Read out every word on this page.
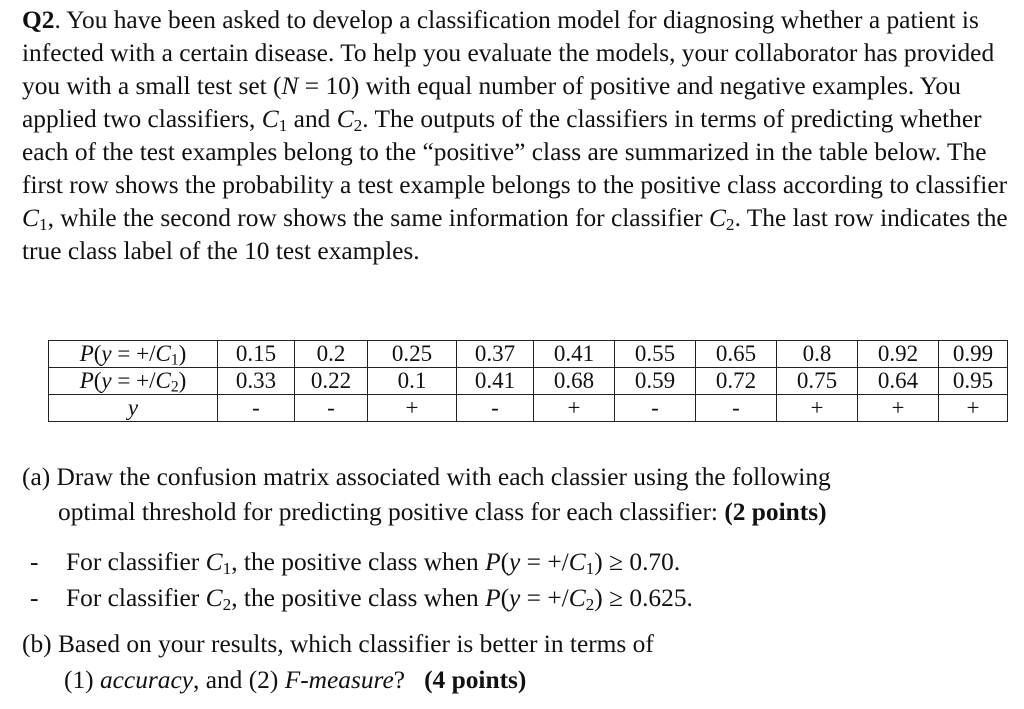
Q2. You have been asked to develop a classification model for diagnosing whether a patient is infected with a certain disease. To help you evaluate the models, your collaborator has provided you with a small test set (N = 10) with equal number of positive and negative examples. You applied two classifiers, $C_1$ and $C_2$. The outputs of the classifiers in terms of predicting whether each of the test examples belong to the “positive” class are summarized in the table below. The first row shows the probability a test example belongs to the positive class according to classifier $C_1$, while the second row shows the same information for classifier $C_2$. The last row indicates the true class label of the 10 test examples.

$P(y = +/C_1)$	0.15	0.2	0.25	0.37	0.41	0.55	0.65	0.8	0.92	0.99
$P(y = +/C_2)$	0.33	0.22	0.1	0.41	0.68	0.59	0.72	0.75	0.64	0.95
y	-	-	+	-	+	-	-	+	+	+
(a) Draw the confusion matrix associated with each classier using the following
optimal threshold for predicting positive class for each classifier: (2 points)
- For classifier $C_1$, the positive class when $P(y = +/C_1) \ge 0.70$.
- For classifier $C_2$, the positive class when $P(y = +/C_2) \ge 0.625$.
(b) Based on your results, which classifier is better in terms of
(1) accuracy, and (2) F-measure? (4 points)
